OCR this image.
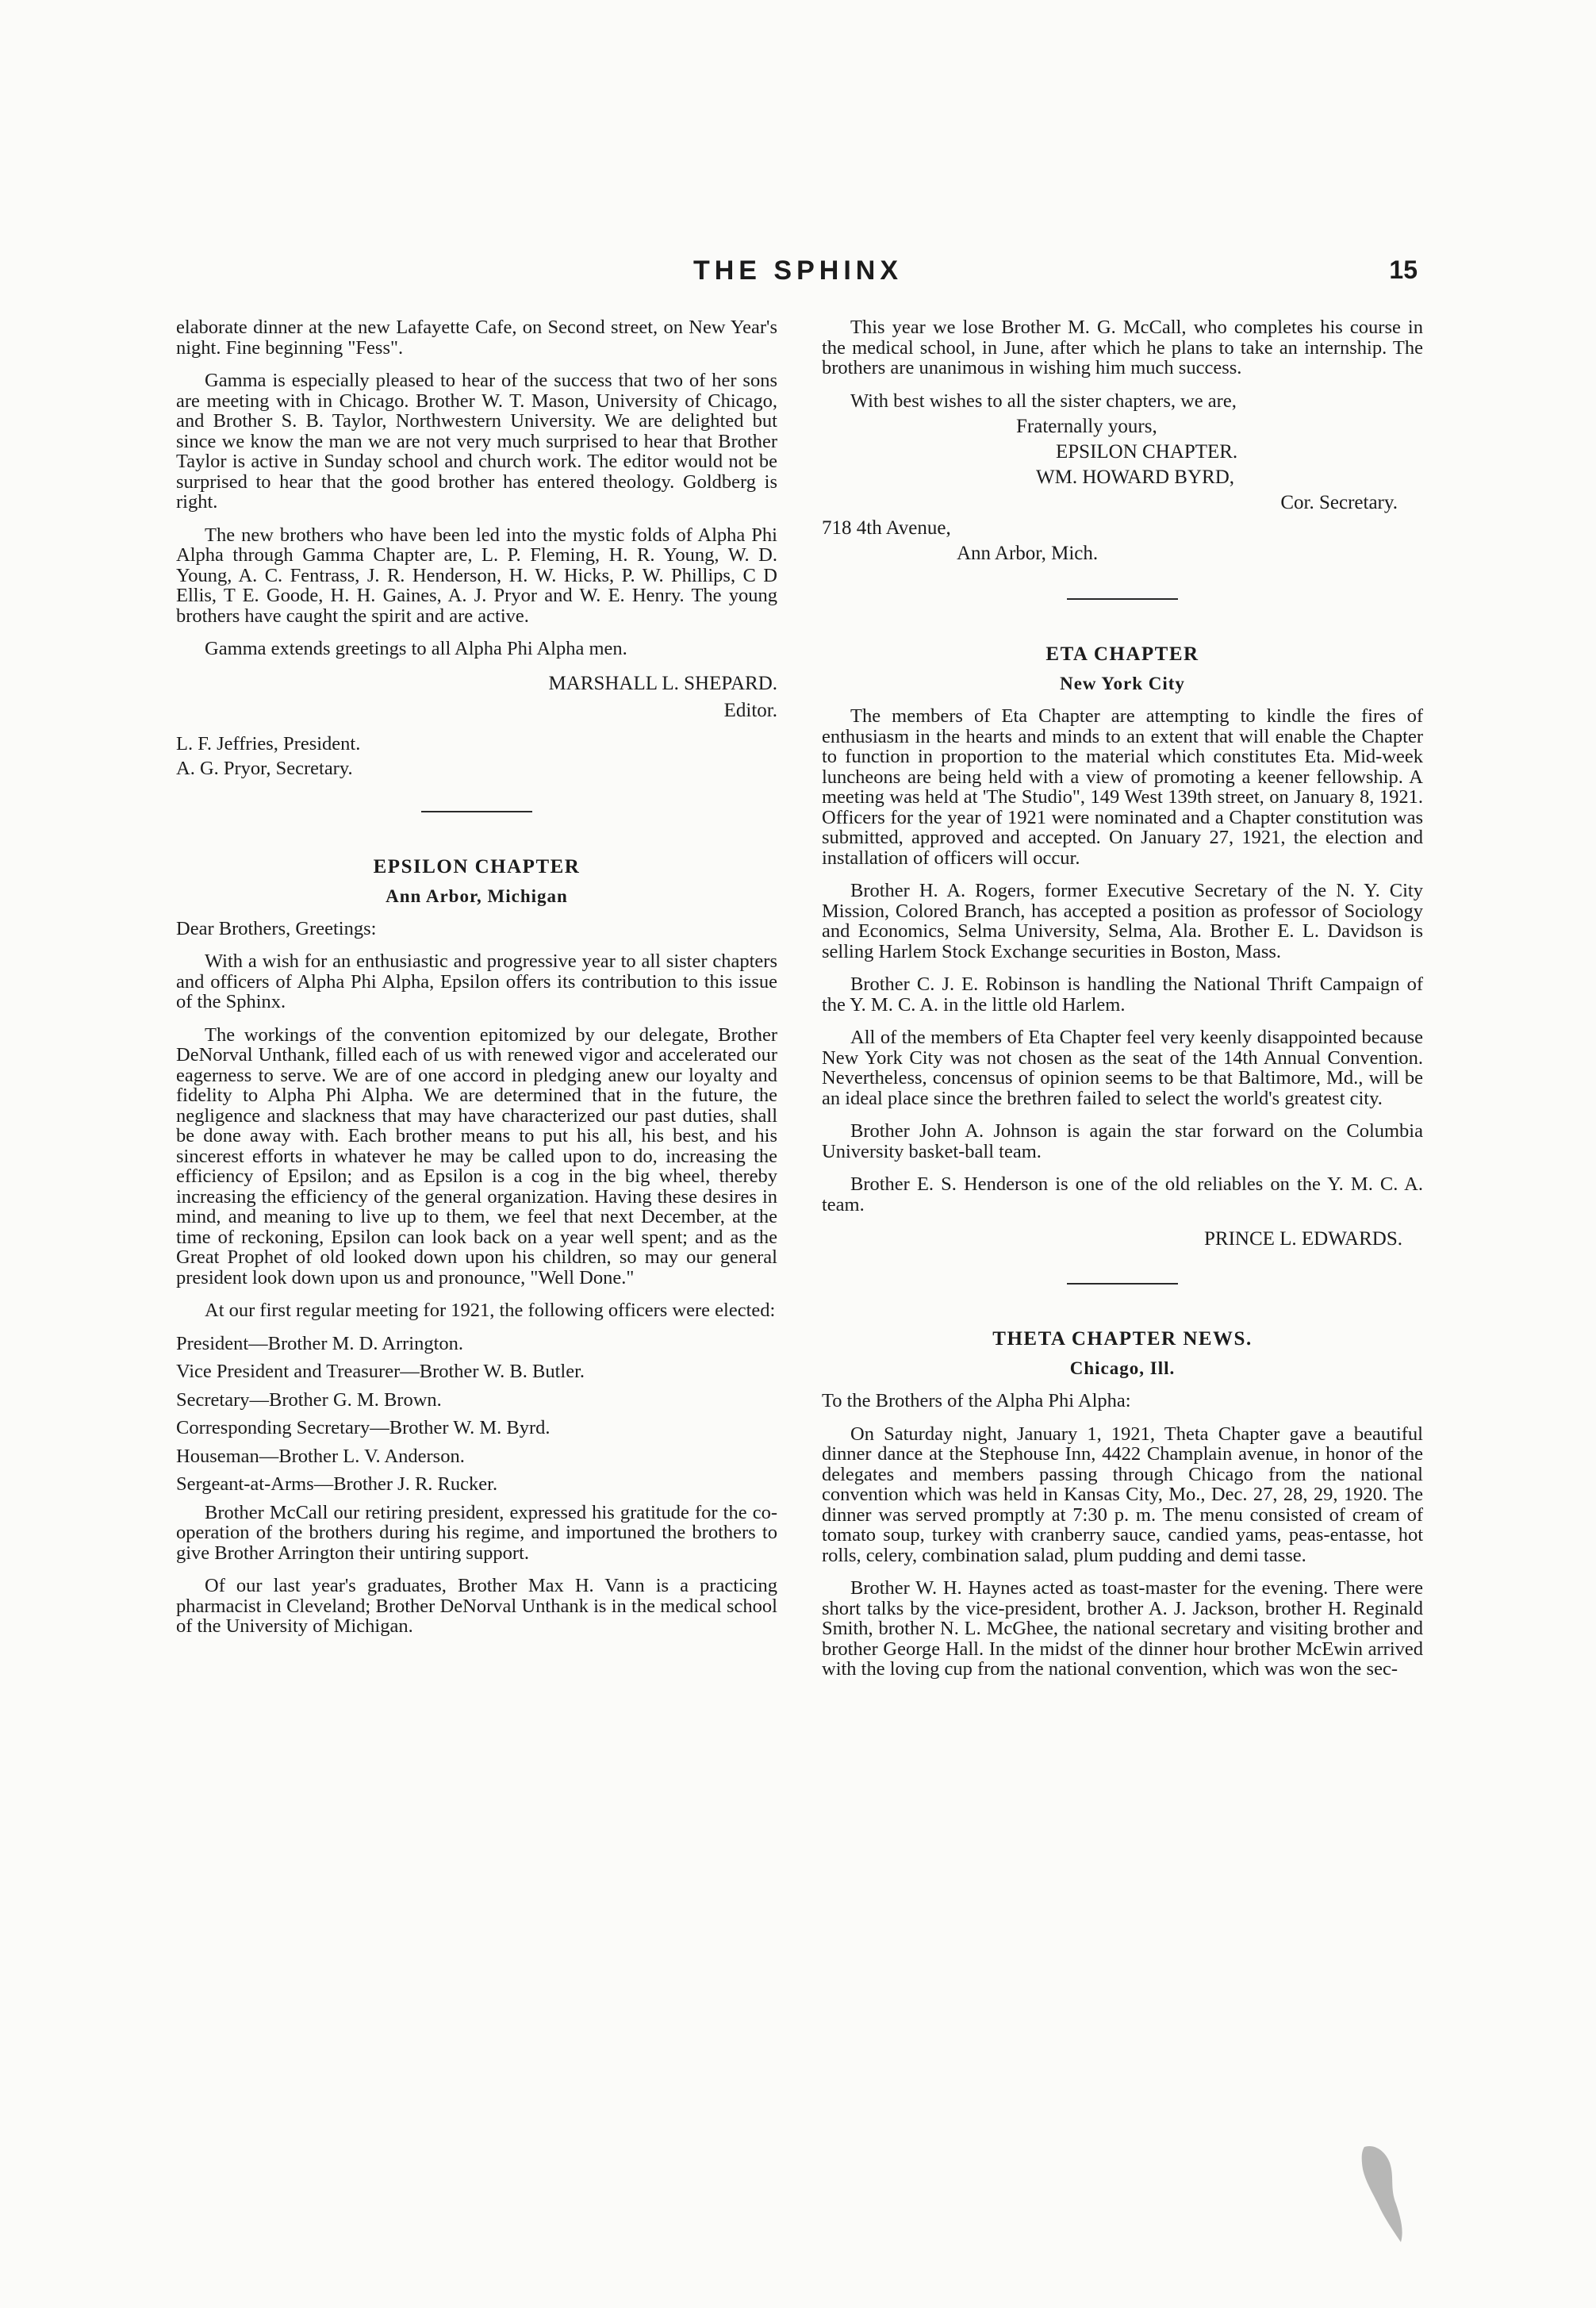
THE SPHINX	15

elaborate dinner at the new Lafayette Cafe, on Second street, on New Year's night. Fine beginning "Fess".

Gamma is especially pleased to hear of the success that two of her sons are meeting with in Chicago. Brother W. T. Mason, University of Chicago, and Brother S. B. Taylor, Northwestern University. We are delighted but since we know the man we are not very much surprised to hear that Brother Taylor is active in Sunday school and church work. The editor would not be surprised to hear that the good brother has entered theology. Goldberg is right.

The new brothers who have been led into the mystic folds of Alpha Phi Alpha through Gamma Chapter are, L. P. Fleming, H. R. Young, W. D. Young, A. C. Fentrass, J. R. Henderson, H. W. Hicks, P. W. Phillips, C D Ellis, T E. Goode, H. H. Gaines, A. J. Pryor and W. E. Henry. The young brothers have caught the spirit and are active.

Gamma extends greetings to all Alpha Phi Alpha men.

MARSHALL L. SHEPARD.
Editor.

L. F. Jeffries, President.

A. G. Pryor, Secretary.

EPSILON CHAPTER
Ann Arbor, Michigan

Dear Brothers, Greetings:

With a wish for an enthusiastic and progressive year to all sister chapters and officers of Alpha Phi Alpha, Epsilon offers its contribution to this issue of the Sphinx.

The workings of the convention epitomized by our delegate, Brother DeNorval Unthank, filled each of us with renewed vigor and accelerated our eagerness to serve. We are of one accord in pledging anew our loyalty and fidelity to Alpha Phi Alpha. We are determined that in the future, the negligence and slackness that may have characterized our past duties, shall be done away with. Each brother means to put his all, his best, and his sincerest efforts in whatever he may be called upon to do, increasing the efficiency of Epsilon; and as Epsilon is a cog in the big wheel, thereby increasing the efficiency of the general organization. Having these desires in mind, and meaning to live up to them, we feel that next December, at the time of reckoning, Epsilon can look back on a year well spent; and as the Great Prophet of old looked down upon his children, so may our general president look down upon us and pronounce, "Well Done."

At our first regular meeting for 1921, the following officers were elected:

President—Brother M. D. Arrington.

Vice President and Treasurer—Brother W. B. Butler.

Secretary—Brother G. M. Brown.

Corresponding Secretary—Brother W. M. Byrd.

Houseman—Brother L. V. Anderson.

Sergeant-at-Arms—Brother J. R. Rucker.

Brother McCall our retiring president, expressed his gratitude for the co-operation of the brothers during his regime, and importuned the brothers to give Brother Arrington their untiring support.

Of our last year's graduates, Brother Max H. Vann is a practicing pharmacist in Cleveland; Brother DeNorval Unthank is in the medical school of the University of Michigan.

This year we lose Brother M. G. McCall, who completes his course in the medical school, in June, after which he plans to take an internship. The brothers are unanimous in wishing him much success.

With best wishes to all the sister chapters, we are,

Fraternally yours,
EPSILON CHAPTER.
WM. HOWARD BYRD,
Cor. Secretary.
718 4th Avenue,
Ann Arbor, Mich.
ETA CHAPTER
New York City

The members of Eta Chapter are attempting to kindle the fires of enthusiasm in the hearts and minds to an extent that will enable the Chapter to function in proportion to the material which constitutes Eta. Mid-week luncheons are being held with a view of promoting a keener fellowship. A meeting was held at 'The Studio", 149 West 139th street, on January 8, 1921. Officers for the year of 1921 were nominated and a Chapter constitution was submitted, approved and accepted. On January 27, 1921, the election and installation of officers will occur.

Brother H. A. Rogers, former Executive Secretary of the N. Y. City Mission, Colored Branch, has accepted a position as professor of Sociology and Economics, Selma University, Selma, Ala. Brother E. L. Davidson is selling Harlem Stock Exchange securities in Boston, Mass.

Brother C. J. E. Robinson is handling the National Thrift Campaign of the Y. M. C. A. in the little old Harlem.

All of the members of Eta Chapter feel very keenly disappointed because New York City was not chosen as the seat of the 14th Annual Convention. Nevertheless, concensus of opinion seems to be that Baltimore, Md., will be an ideal place since the brethren failed to select the world's greatest city.

Brother John A. Johnson is again the star forward on the Columbia University basket-ball team.

Brother E. S. Henderson is one of the old reliables on the Y. M. C. A. team.

PRINCE L. EDWARDS.
THETA CHAPTER NEWS.
Chicago, Ill.

To the Brothers of the Alpha Phi Alpha:

On Saturday night, January 1, 1921, Theta Chapter gave a beautiful dinner dance at the Stephouse Inn, 4422 Champlain avenue, in honor of the delegates and members passing through Chicago from the national convention which was held in Kansas City, Mo., Dec. 27, 28, 29, 1920. The dinner was served promptly at 7:30 p. m. The menu consisted of cream of tomato soup, turkey with cranberry sauce, candied yams, peas-entasse, hot rolls, celery, combination salad, plum pudding and demi tasse.

Brother W. H. Haynes acted as toast-master for the evening. There were short talks by the vice-president, brother A. J. Jackson, brother H. Reginald Smith, brother N. L. McGhee, the national secretary and visiting brother and brother George Hall. In the midst of the dinner hour brother McEwin arrived with the loving cup from the national convention, which was won the sec-
